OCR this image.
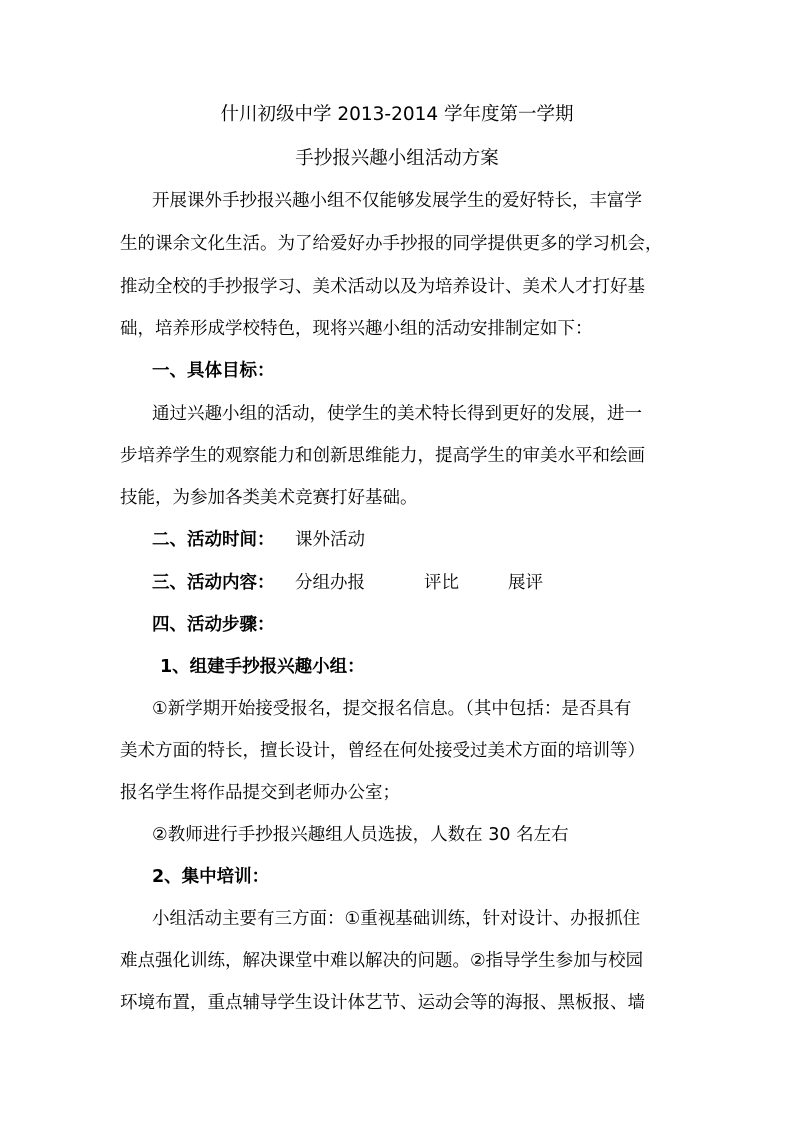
什川初级中学 2013-2014 学年度第一学期
手抄报兴趣小组活动方案
开展课外手抄报兴趣小组不仅能够发展学生的爱好特长，丰富学
生的课余文化生活。为了给爱好办手抄报的同学提供更多的学习机会，
推动全校的手抄报学习、美术活动以及为培养设计、美术人才打好基
础，培养形成学校特色，现将兴趣小组的活动安排制定如下：
一、具体目标：
通过兴趣小组的活动，使学生的美术特长得到更好的发展，进一
步培养学生的观察能力和创新思维能力，提高学生的审美水平和绘画
技能，为参加各类美术竞赛打好基础。
二、活动时间： 课外活动
三、活动内容： 分组办报	评比	展评
四、活动步骤：
1、组建手抄报兴趣小组：
①新学期开始接受报名，提交报名信息。（其中包括：是否具有
美术方面的特长，擅长设计，曾经在何处接受过美术方面的培训等）
报名学生将作品提交到老师办公室；
②教师进行手抄报兴趣组人员选拔，人数在 30 名左右
2、集中培训：
小组活动主要有三方面：①重视基础训练，针对设计、办报抓住
难点强化训练，解决课堂中难以解决的问题。②指导学生参加与校园
环境布置，重点辅导学生设计体艺节、运动会等的海报、黑板报、墙
